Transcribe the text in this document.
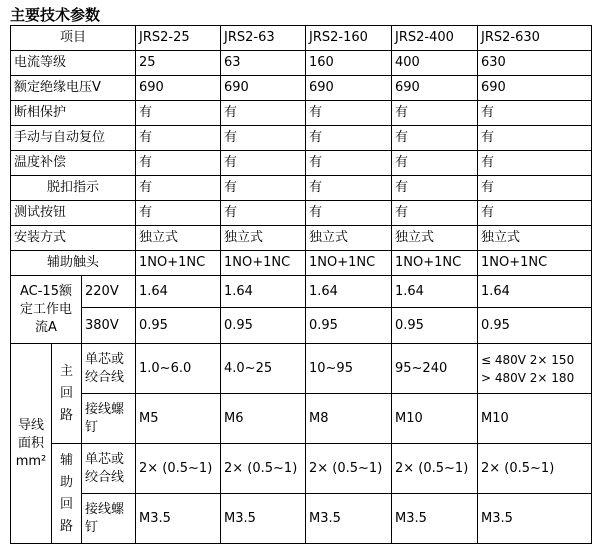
主要技术参数
项目			JRS2-25	JRS2-63	JRS2-160	JRS2-400	JRS2-630
电流等级			25	63	160	400	630
额定绝缘电压V			690	690	690	690	690
断相保护			有	有	有	有	有
手动与自动复位			有	有	有	有	有
温度补偿			有	有	有	有	有
脱扣指示			有	有	有	有	有
测试按钮			有	有	有	有	有
安装方式			独立式	独立式	独立式	独立式	独立式
辅助触头			1NO+1NC	1NO+1NC	1NO+1NC	1NO+1NC	1NO+1NC
AC-15额定工作电流A		220V	1.64	1.64	1.64	1.64	1.64
		380V	0.95	0.95	0.95	0.95	0.95
导线面积mm²	主回路	单芯或绞合线	1.0~6.0	4.0~25	10~95	95~240	≤ 480V 2× 150
> 480V 2× 180

		接线螺钉	M5	M6	M8	M10	M10

	辅助回路	单芯或绞合线	2× (0.5~1)	2× (0.5~1)	2× (0.5~1)	2× (0.5~1)	2× (0.5~1)
		接线螺钉	M3.5	M3.5	M3.5	M3.5	M3.5
